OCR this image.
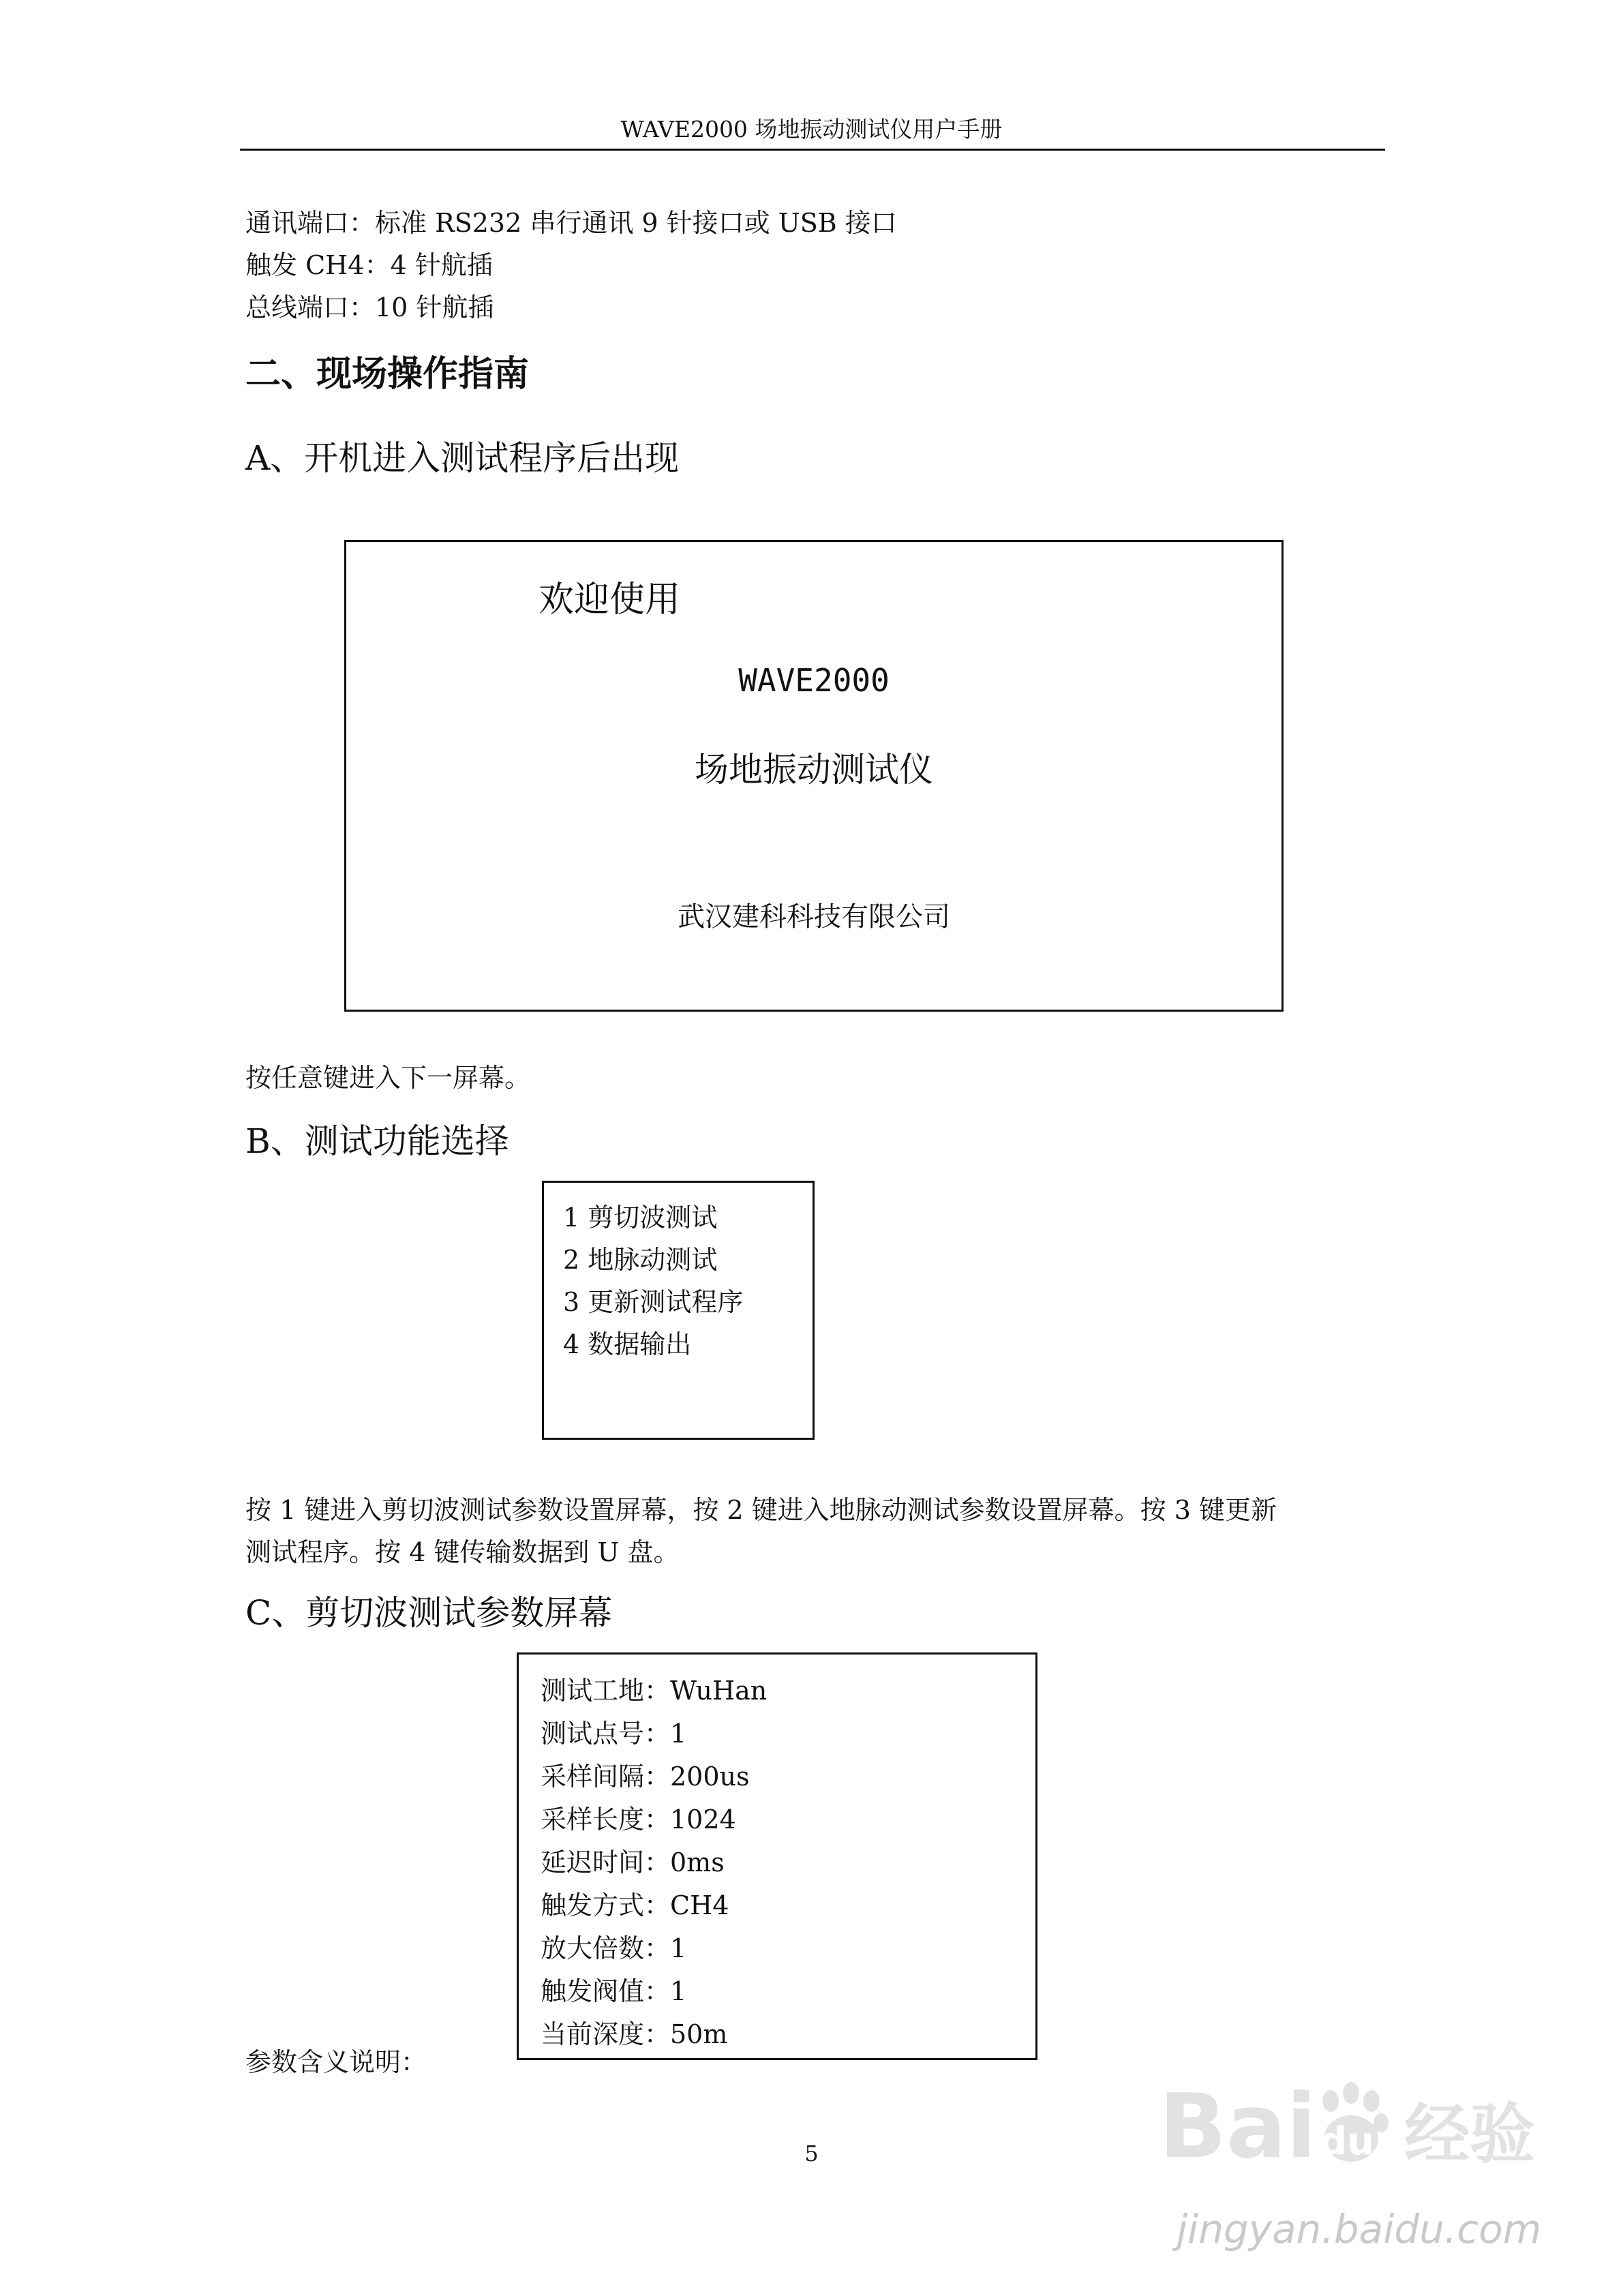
WAVE2000 场地振动测试仪用户手册
通讯端口：标准 RS232 串行通讯 9 针接口或 USB 接口
触发 CH4：4 针航插
总线端口：10 针航插
二、现场操作指南
A、开机进入测试程序后出现
欢迎使用
WAVE2000
场地振动测试仪
武汉建科科技有限公司
按任意键进入下一屏幕。
B、测试功能选择
1 剪切波测试
2 地脉动测试
3 更新测试程序
4 数据输出
按 1 键进入剪切波测试参数设置屏幕，按 2 键进入地脉动测试参数设置屏幕。按 3 键更新
测试程序。按 4 键传输数据到 U 盘。
C、剪切波测试参数屏幕
测试工地：WuHan
测试点号：1
采样间隔：200us
采样长度：1024
延迟时间：0ms
触发方式：CH4
放大倍数：1
触发阀值：1
当前深度：50m
参数含义说明：
5	Bai du 经验
jingyan.baidu.com
